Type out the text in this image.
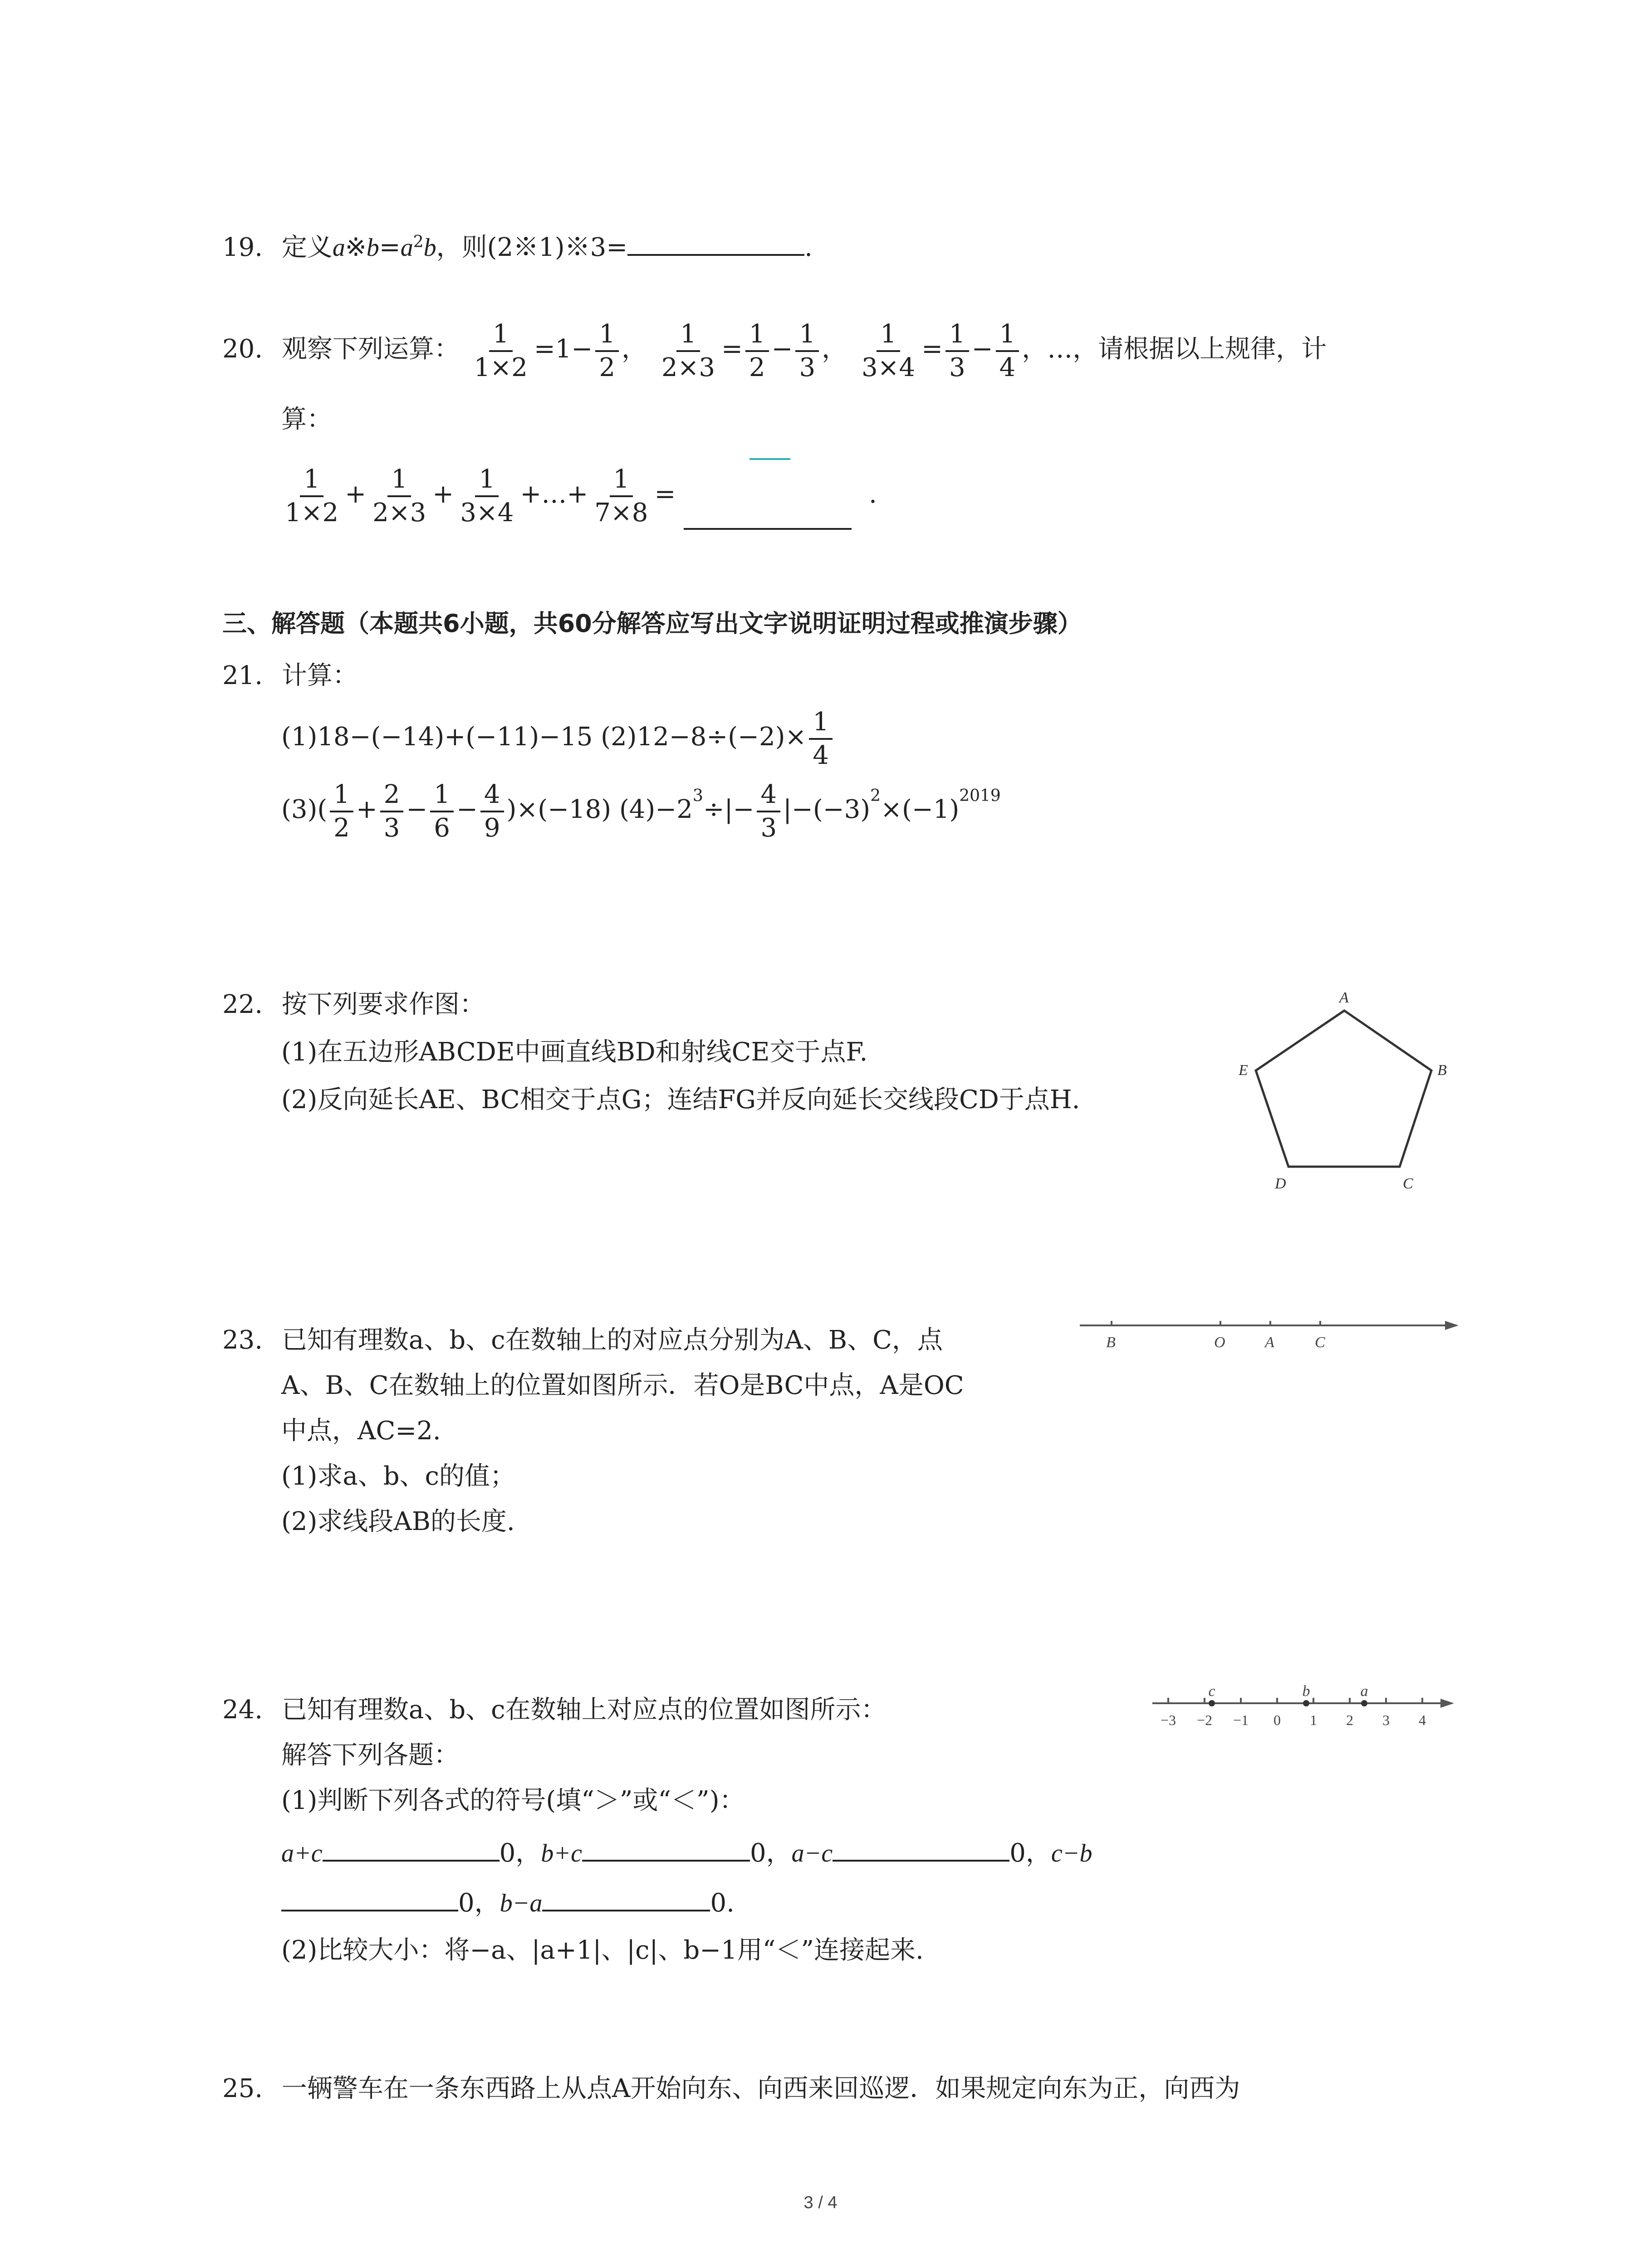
19. 定义$a※b=a^2b$，则(2※1)※3=	.
20. 观察下列运算： $\frac{1}{1\times 2} =1- \frac{1}{2}$ ， $\frac{1}{2\times 3} = \frac{1}{2} - \frac{1}{3}$ ， $\frac{1}{3\times 4} = \frac{1}{3} - \frac{1}{4}$ ，…，请根据以上规律，计
算：
$\frac{1}{1\times 2} + \frac{1}{2\times 3} + \frac{1}{3\times 4}$ +…+ $\frac{1}{7\times 8}$ =	.
三、解答题（本题共6小题，共60分解答应写出文字说明证明过程或推演步骤）
21. 计算：
(1)18−(−14)+(−11)−15 $(2)12-8\div(-2)\times \frac{1}{4}$
$(3)( \frac{1}{2} + \frac{2}{3} - \frac{1}{6} - \frac{4}{9} )\times(-18)$ $(4)-2^3\div|- \frac{4}{3} |-(-3)^2\times(-1)^{2019}$
22. 按下列要求作图：
(1)在五边形ABCDE中画直线BD和射线CE交于点F.
(2)反向延长AE、BC相交于点G；连结FG并反向延长交线段CD于点H.
A
B
C
D
E
23. 已知有理数a、b、c在数轴上的对应点分别为A、B、C，点
A、B、C在数轴上的位置如图所示．若O是BC中点，A是OC
中点，AC=2.
(1)求a、b、c的值；
(2)求线段AB的长度.
B	O	A	C
24. 已知有理数a、b、c在数轴上对应点的位置如图所示：
解答下列各题：
(1)判断下列各式的符号(填“＞”或“＜”)：
a+c	0，b+c	0，a−c	0，c−b
0，b−a	0.
(2)比较大小：将−a、|a+1|、|c|、b−1用“＜”连接起来.
−3 −2 −1 0 1 2 3 4
c	b	a
25. 一辆警车在一条东西路上从点A开始向东、向西来回巡逻．如果规定向东为正，向西为
3 / 4
